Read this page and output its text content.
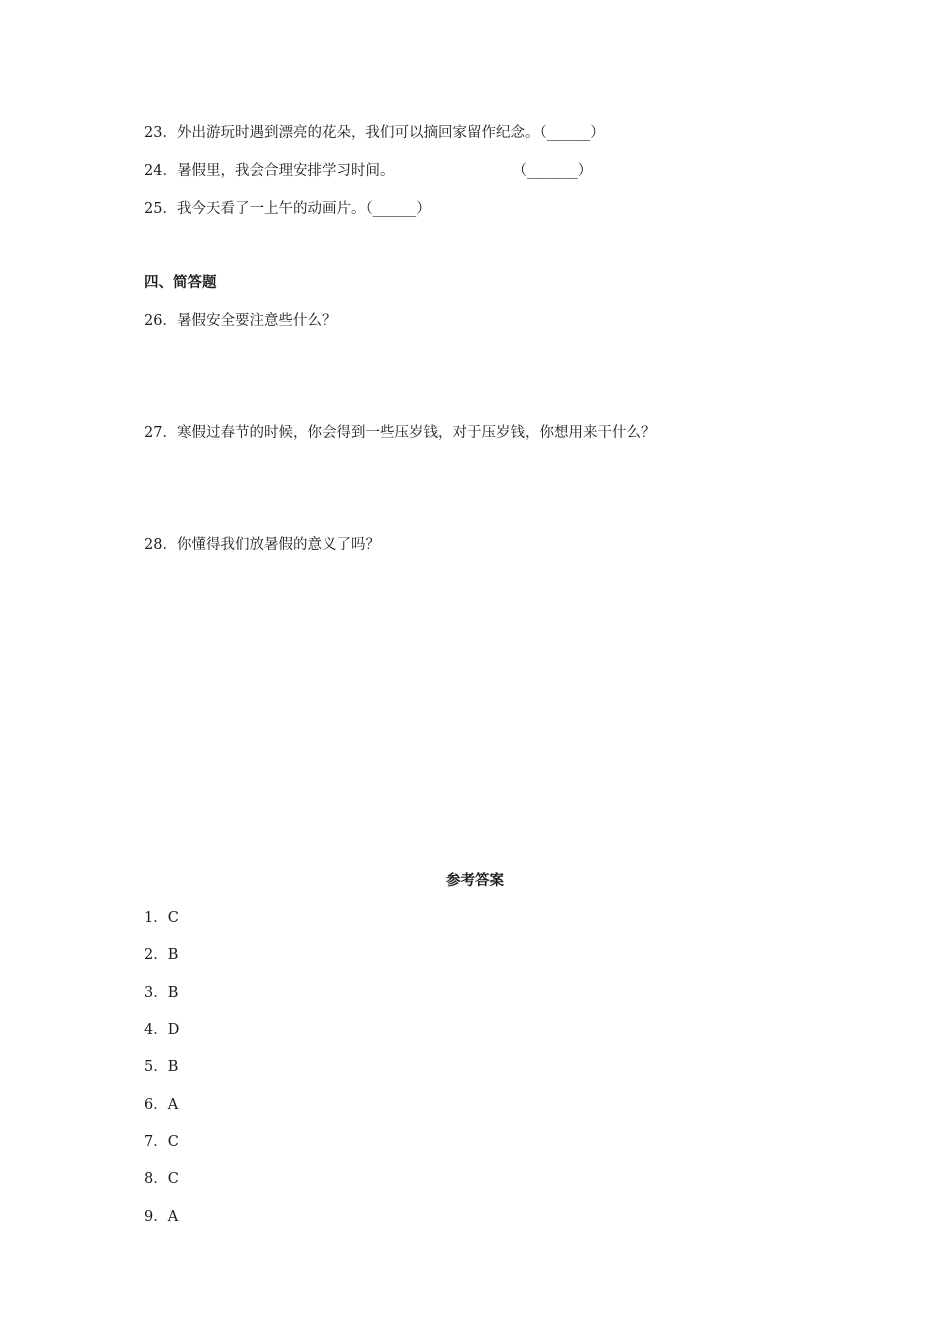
23．外出游玩时遇到漂亮的花朵，我们可以摘回家留作纪念。（______）
24．暑假里，我会合理安排学习时间。	（_______）
25．我今天看了一上午的动画片。（______）
四、简答题
26．暑假安全要注意些什么？
27．寒假过春节的时候，你会得到一些压岁钱，对于压岁钱，你想用来干什么？
28．你懂得我们放暑假的意义了吗？
参考答案
1．C
2．B
3．B
4．D
5．B
6．A
7．C
8．C
9．A
